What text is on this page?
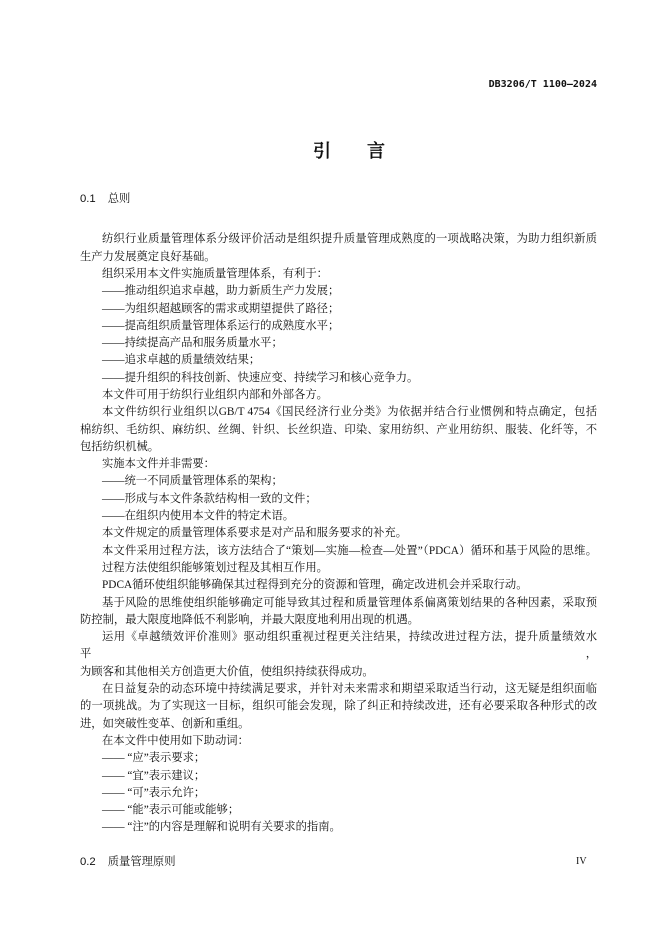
DB3206/T 1100—2024
引　　言
0.1 总则

纺织行业质量管理体系分级评价活动是组织提升质量管理成熟度的一项战略决策，为助力组织新质
生产力发展奠定良好基础。

组织采用本文件实施质量管理体系，有利于：

——推动组织追求卓越，助力新质生产力发展；

——为组织超越顾客的需求或期望提供了路径；

——提高组织质量管理体系运行的成熟度水平；

——持续提高产品和服务质量水平；

——追求卓越的质量绩效结果；

——提升组织的科技创新、快速应变、持续学习和核心竞争力。

本文件可用于纺织行业组织内部和外部各方。

本文件纺织行业组织以GB/T 4754《国民经济行业分类》为依据并结合行业惯例和特点确定，包括
棉纺织、毛纺织、麻纺织、丝绸、针织、长丝织造、印染、家用纺织、产业用纺织、服装、化纤等，不
包括纺织机械。

实施本文件并非需要：

——统一不同质量管理体系的架构；

——形成与本文件条款结构相一致的文件；

——在组织内使用本文件的特定术语。

本文件规定的质量管理体系要求是对产品和服务要求的补充。

本文件采用过程方法，该方法结合了“策划—实施—检查—处置”（PDCA）循环和基于风险的思维。

过程方法使组织能够策划过程及其相互作用。

PDCA循环使组织能够确保其过程得到充分的资源和管理，确定改进机会并采取行动。

基于风险的思维使组织能够确定可能导致其过程和质量管理体系偏离策划结果的各种因素，采取预
防控制，最大限度地降低不利影响，并最大限度地利用出现的机遇。

运用《卓越绩效评价准则》驱动组织重视过程更关注结果，持续改进过程方法，提升质量绩效水平，
为顾客和其他相关方创造更大价值，使组织持续获得成功。

在日益复杂的动态环境中持续满足要求，并针对未来需求和期望采取适当行动，这无疑是组织面临
的一项挑战。为了实现这一目标，组织可能会发现，除了纠正和持续改进，还有必要采取各种形式的改
进，如突破性变革、创新和重组。

在本文件中使用如下助动词：

—— “应”表示要求；

—— “宜”表示建议；

—— “可”表示允许；

—— “能”表示可能或能够；

—— “注”的内容是理解和说明有关要求的指南。

0.2 质量管理原则	IV
